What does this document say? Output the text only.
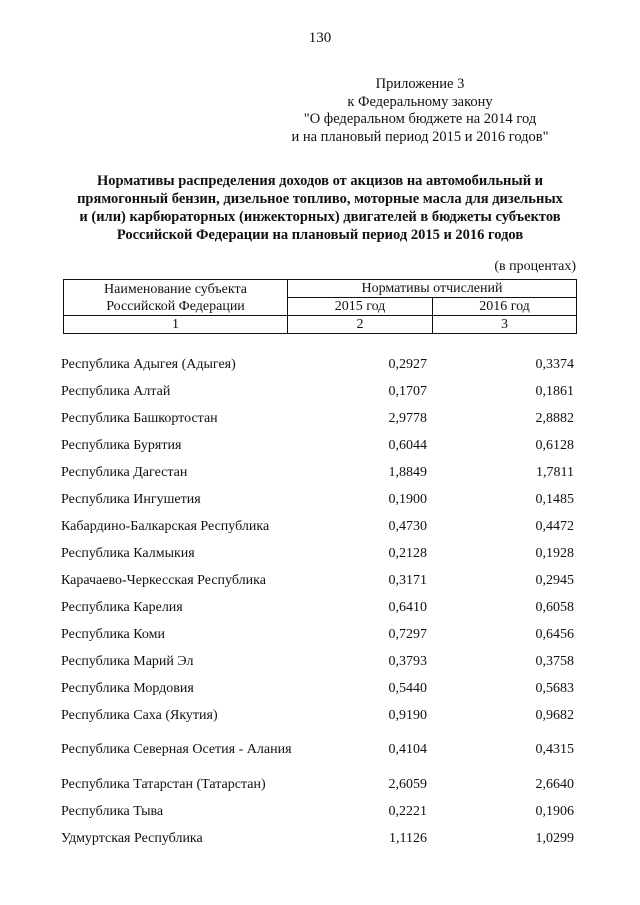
130
Приложение 3
к Федеральному закону
"О федеральном бюджете на 2014 год
и на плановый период 2015 и 2016 годов"
Нормативы распределения доходов от акцизов на автомобильный и
прямогонный бензин, дизельное топливо, моторные масла для дизельных
и (или) карбюраторных (инжекторных) двигателей в бюджеты субъектов
Российской Федерации на плановый период 2015 и 2016 годов
(в процентах)
Наименование субъекта
Российской Федерации	Нормативы отчислений	
	2015 год	2016 год
1	2	3
Республика Адыгея (Адыгея)	0,2927	0,3374
Республика Алтай	0,1707	0,1861
Республика Башкортостан	2,9778	2,8882
Республика Бурятия	0,6044	0,6128
Республика Дагестан	1,8849	1,7811
Республика Ингушетия	0,1900	0,1485
Кабардино-Балкарская Республика	0,4730	0,4472
Республика Калмыкия	0,2128	0,1928
Карачаево-Черкесская Республика	0,3171	0,2945
Республика Карелия	0,6410	0,6058
Республика Коми	0,7297	0,6456
Республика Марий Эл	0,3793	0,3758
Республика Мордовия	0,5440	0,5683
Республика Саха (Якутия)	0,9190	0,9682
Республика Северная Осетия - Алания	0,4104	0,4315
Республика Татарстан (Татарстан)	2,6059	2,6640
Республика Тыва	0,2221	0,1906
Удмуртская Республика	1,1126	1,0299
